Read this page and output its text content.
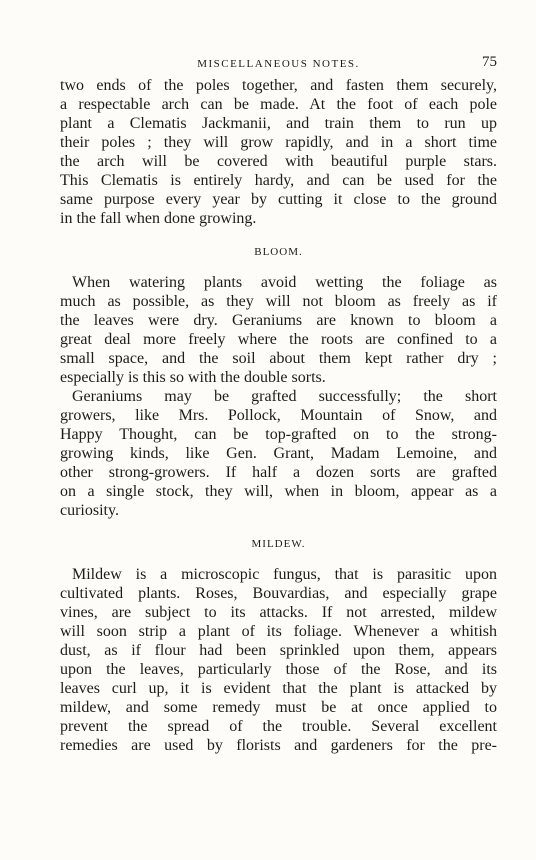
MISCELLANEOUS NOTES.	75

two ends of the poles together, and fasten them securely,
a respectable arch can be made. At the foot of each pole
plant a Clematis Jackmanii, and train them to run up
their poles ; they will grow rapidly, and in a short time
the arch will be covered with beautiful purple stars.
This Clematis is entirely hardy, and can be used for the
same purpose every year by cutting it close to the ground
in the fall when done growing.

BLOOM.

When watering plants avoid wetting the foliage as
much as possible, as they will not bloom as freely as if
the leaves were dry. Geraniums are known to bloom a
great deal more freely where the roots are confined to a
small space, and the soil about them kept rather dry ;
especially is this so with the double sorts.

Geraniums may be grafted successfully; the short
growers, like Mrs. Pollock, Mountain of Snow, and
Happy Thought, can be top-grafted on to the strong-
growing kinds, like Gen. Grant, Madam Lemoine, and
other strong-growers. If half a dozen sorts are grafted
on a single stock, they will, when in bloom, appear as a
curiosity.

MILDEW.

Mildew is a microscopic fungus, that is parasitic upon
cultivated plants. Roses, Bouvardias, and especially grape
vines, are subject to its attacks. If not arrested, mildew
will soon strip a plant of its foliage. Whenever a whitish
dust, as if flour had been sprinkled upon them, appears
upon the leaves, particularly those of the Rose, and its
leaves curl up, it is evident that the plant is attacked by
mildew, and some remedy must be at once applied to
prevent the spread of the trouble. Several excellent
remedies are used by florists and gardeners for the pre-
